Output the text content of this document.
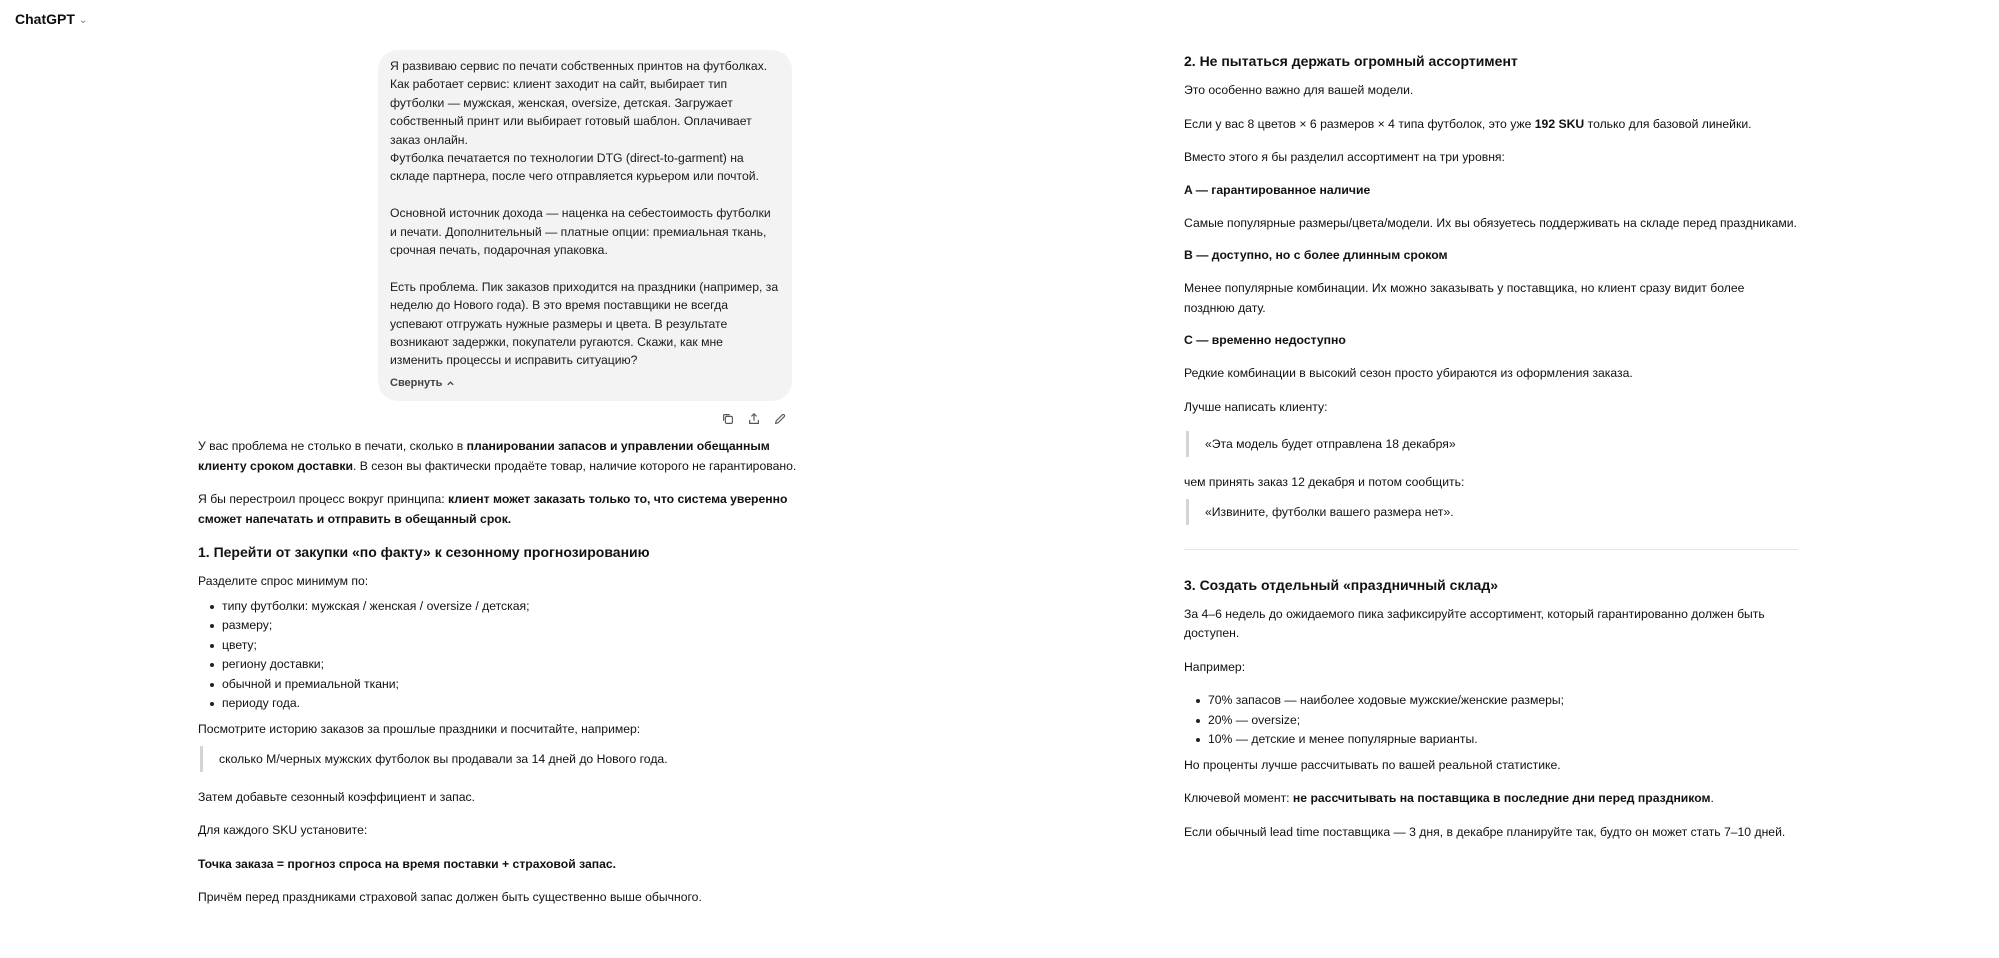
ChatGPT ⌄
Я развиваю сервис по печати собственных принтов на футболках.
Как работает сервис: клиент заходит на сайт, выбирает тип
футболки — мужская, женская, oversize, детская. Загружает
собственный принт или выбирает готовый шаблон. Оплачивает
заказ онлайн.
Футболка печатается по технологии DTG (direct-to-garment) на
складе партнера, после чего отправляется курьером или почтой.
Основной источник дохода — наценка на себестоимость футболки
и печати. Дополнительный — платные опции: премиальная ткань,
срочная печать, подарочная упаковка.
Есть проблема. Пик заказов приходится на праздники (например, за
неделю до Нового года). В это время поставщики не всегда
успевают отгружать нужные размеры и цвета. В результате
возникают задержки, покупатели ругаются. Скажи, как мне
изменить процессы и исправить ситуацию?
Свернуть

У вас проблема не столько в печати, сколько в планировании запасов и управлении обещанным клиенту сроком доставки. В сезон вы фактически продаёте товар, наличие которого не гарантировано.

Я бы перестроил процесс вокруг принципа: клиент может заказать только то, что система уверенно сможет напечатать и отправить в обещанный срок.

1. Перейти от закупки «по факту» к сезонному прогнозированию

Разделите спрос минимум по:

типу футболки: мужская / женская / oversize / детская;
размеру;
цвету;
региону доставки;
обычной и премиальной ткани;
периоду года.

Посмотрите историю заказов за прошлые праздники и посчитайте, например:

сколько M/черных мужских футболок вы продавали за 14 дней до Нового года.

Затем добавьте сезонный коэффициент и запас.

Для каждого SKU установите:

Точка заказа = прогноз спроса на время поставки + страховой запас.

Причём перед праздниками страховой запас должен быть существенно выше обычного.

2. Не пытаться держать огромный ассортимент

Это особенно важно для вашей модели.

Если у вас 8 цветов × 6 размеров × 4 типа футболок, это уже 192 SKU только для базовой линейки.

Вместо этого я бы разделил ассортимент на три уровня:

A — гарантированное наличие

Самые популярные размеры/цвета/модели. Их вы обязуетесь поддерживать на складе перед праздниками.

B — доступно, но с более длинным сроком

Менее популярные комбинации. Их можно заказывать у поставщика, но клиент сразу видит более позднюю дату.

C — временно недоступно

Редкие комбинации в высокий сезон просто убираются из оформления заказа.

Лучше написать клиенту:

«Эта модель будет отправлена 18 декабря»

чем принять заказ 12 декабря и потом сообщить:

«Извините, футболки вашего размера нет».
3. Создать отдельный «праздничный склад»

За 4–6 недель до ожидаемого пика зафиксируйте ассортимент, который гарантированно должен быть доступен.

Например:

70% запасов — наиболее ходовые мужские/женские размеры;
20% — oversize;
10% — детские и менее популярные варианты.

Но проценты лучше рассчитывать по вашей реальной статистике.

Ключевой момент: не рассчитывать на поставщика в последние дни перед праздником.

Если обычный lead time поставщика — 3 дня, в декабре планируйте так, будто он может стать 7–10 дней.
